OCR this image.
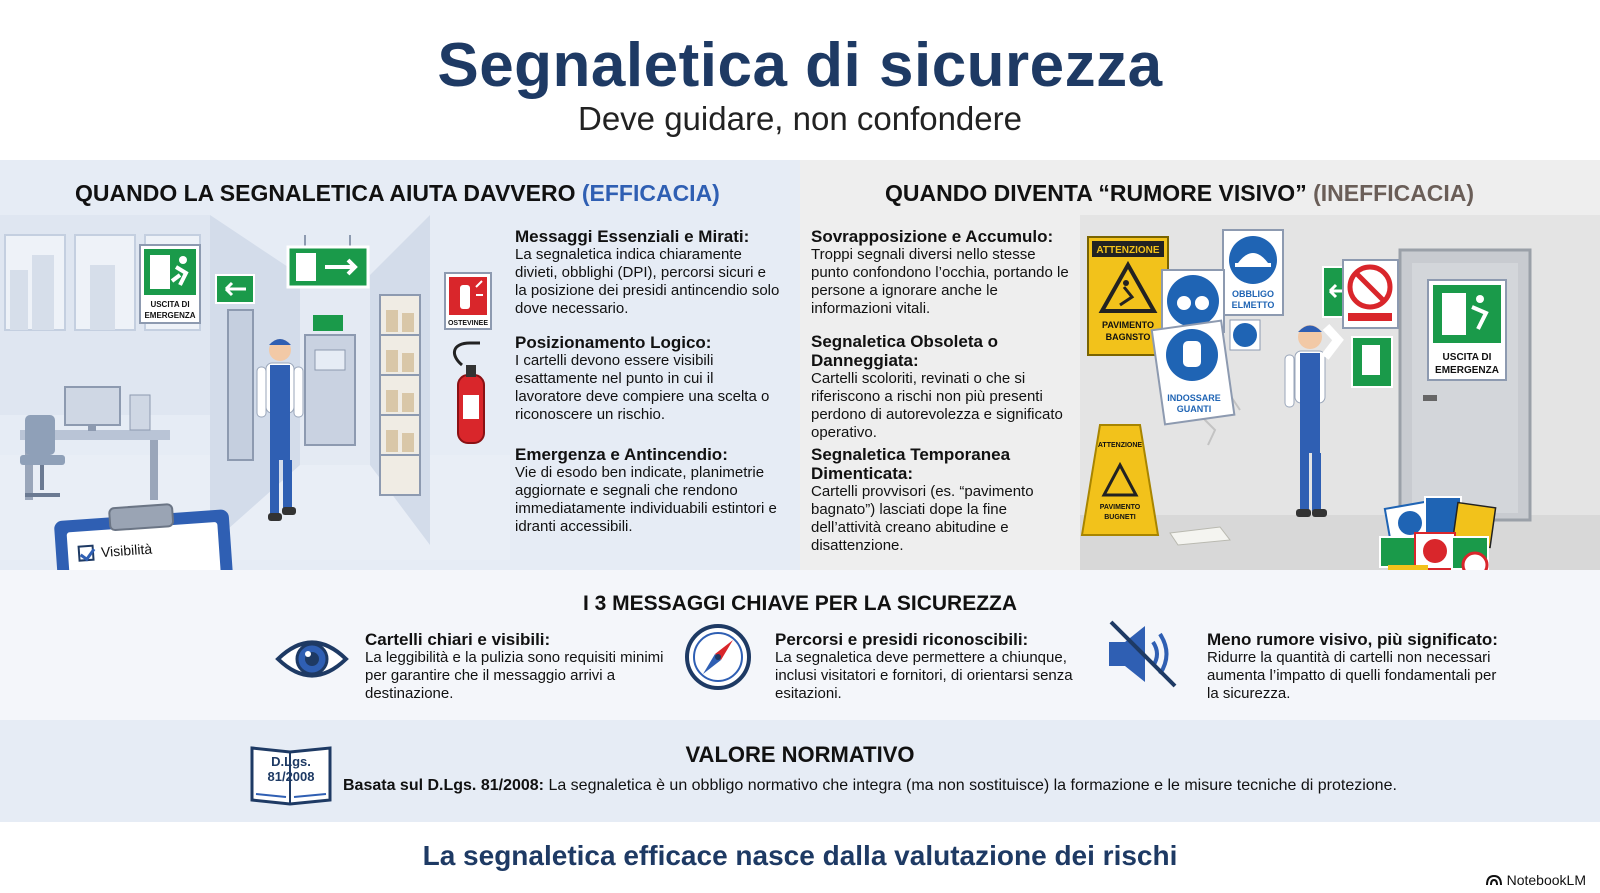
Segnaletica di sicurezza
Deve guidare, non confondere
QUANDO LA SEGNALETICA AIUTA DAVVERO (EFFICACIA)
USCITA DI
EMERGENZA
OSTEVINEE
Messaggi Essenziali e Mirati:
La segnaletica indica chiaramente divieti, obblighi (DPI), percorsi sicuri e la posizione dei presidi antincendio solo dove necessario.
Posizionamento Logico:
I cartelli devono essere visibili esattamente nel punto in cui il lavoratore deve compiere una scelta o riconoscere un rischio.
Emergenza e Antincendio:
Vie di esodo ben indicate, planimetrie aggiornate e segnali che rendono immediatamente individuabili estintori e idranti accessibili.
QUANDO DIVENTA “RUMORE VISIVO” (INEFFICACIA)
Sovrapposizione e Accumulo:
Troppi segnali diversi nello stesse punto confondono l’occhia, portando le persone a ignorare anche le informazioni vitali.
Segnaletica Obsoleta o Danneggiata:
Cartelli scoloriti, revinati o che si riferiscono a rischi non più presenti perdono di autorevolezza e significato operativo.
Segnaletica Temporanea Dimenticata:
Cartelli provvisori (es. “pavimento bagnato”) lasciati dope la fine dell’attività creano abitudine e disattenzione.
ATTENZIONE
PAVIMENTO
BAGNSTO
OBBLIGO
ELMETTO
INDOSSARE
GUANTI
USCITA DI
EMERGENZA
ATTENZIONE
PAVIMENTO
BUGNETI
Visibilità
I 3 MESSAGGI CHIAVE PER LA SICUREZZA
Cartelli chiari e visibili:
La leggibilità e la pulizia sono requisiti minimi per garantire che il messaggio arrivi a destinazione.
Percorsi e presidi riconoscibili:
La segnaletica deve permettere a chiunque, inclusi visitatori e fornitori, di orientarsi senza esitazioni.
Meno rumore visivo, più significato:
Ridurre la quantità di cartelli non necessari aumenta l’impatto di quelli fondamentali per la sicurezza.
VALORE NORMATIVO
D.Lgs. 81/2008
Basata sul D.Lgs. 81/2008: La segnaletica è un obbligo normativo che integra (ma non sostituisce) la formazione e le misure tecniche di protezione.
La segnaletica efficace nasce dalla valutazione dei rischi
NotebookLM
